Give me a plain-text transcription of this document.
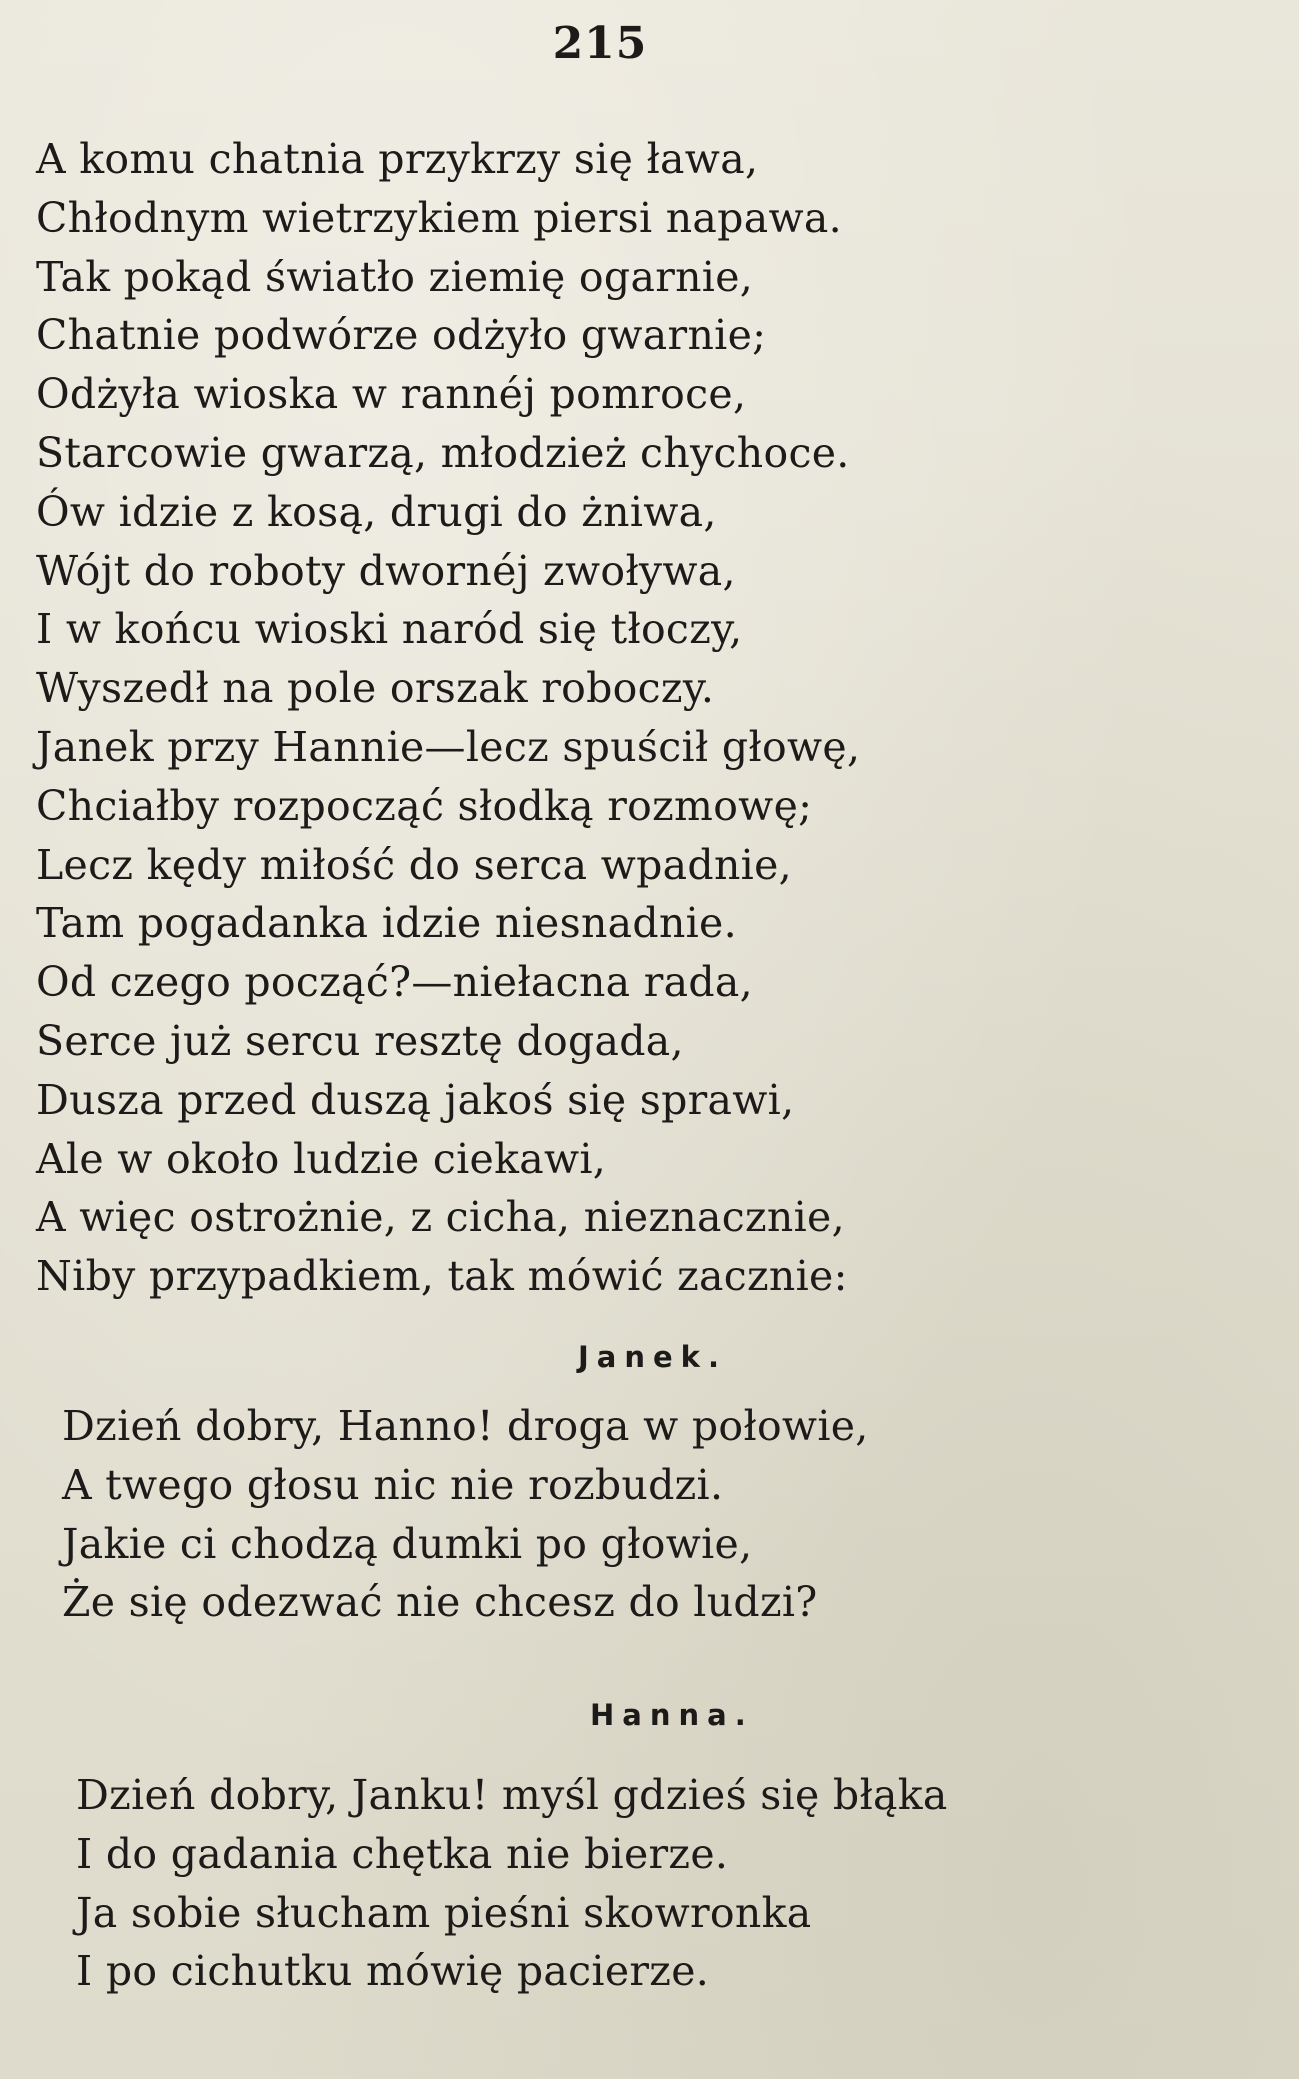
215
A komu chatnia przykrzy się ława,
Chłodnym wietrzykiem piersi napawa.
Tak pokąd światło ziemię ogarnie,
Chatnie podwórze odżyło gwarnie;
Odżyła wioska w rannéj pomroce,
Starcowie gwarzą, młodzież chychoce.
Ów idzie z kosą, drugi do żniwa,
Wójt do roboty dwornéj zwoływa,
I w końcu wioski naród się tłoczy,
Wyszedł na pole orszak roboczy.
Janek przy Hannie—lecz spuścił głowę,
Chciałby rozpocząć słodką rozmowę;
Lecz kędy miłość do serca wpadnie,
Tam pogadanka idzie niesnadnie.
Od czego począć?—niełacna rada,
Serce już sercu resztę dogada,
Dusza przed duszą jakoś się sprawi,
Ale w około ludzie ciekawi,
A więc ostrożnie, z cicha, nieznacznie,
Niby przypadkiem, tak mówić zacznie:
Janek.
Dzień dobry, Hanno! droga w połowie,
A twego głosu nic nie rozbudzi.
Jakie ci chodzą dumki po głowie,
Że się odezwać nie chcesz do ludzi?
Hanna.
Dzień dobry, Janku! myśl gdzieś się błąka
I do gadania chętka nie bierze.
Ja sobie słucham pieśni skowronka
I po cichutku mówię pacierze.
